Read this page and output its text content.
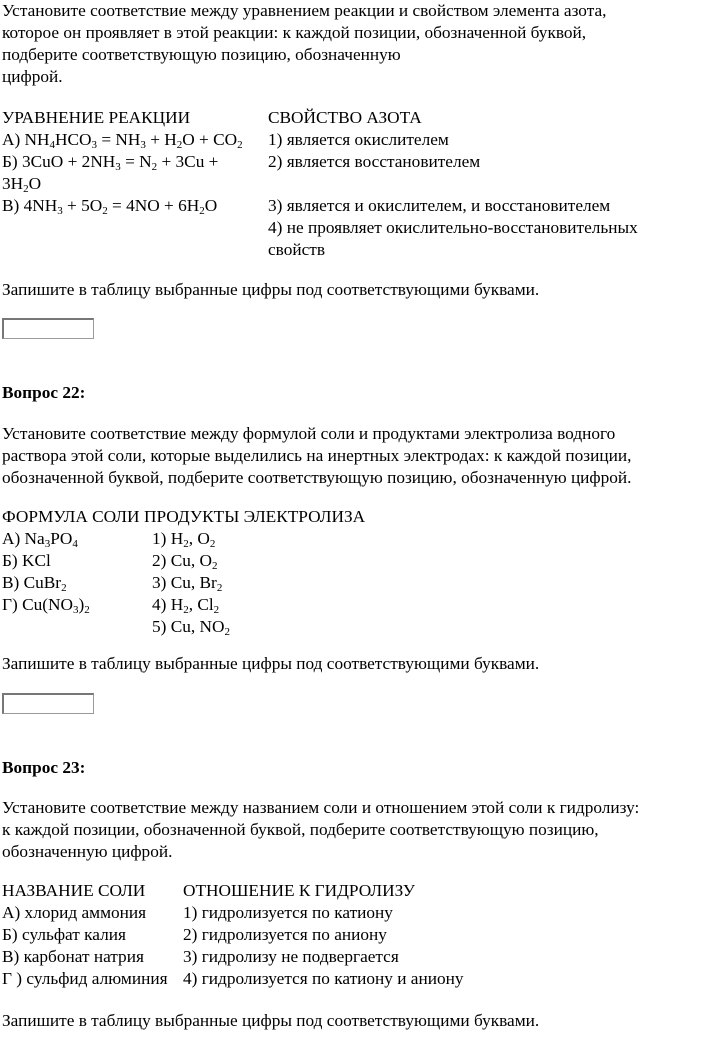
Установите соответствие между уравнением реакции и свойством элемента азота,
которое он проявляет в этой реакции: к каждой позиции, обозначенной буквой,
подберите соответствующую позицию, обозначенную
цифрой.
УРАВНЕНИЕ РЕАКЦИИ	СВОЙСТВО АЗОТА
А) $NH_4HCO_3 = NH_3 + H_2O + CO_2$
Б) $3CuO + 2NH_3 = N_2 + 3Cu$ +
$3H_2O$
В) $4NH_3 + 5O_2 = 4NO + 6H_2O$
1) является окислителем
2) является восстановителем
3) является и окислителем, и восстановителем
4) не проявляет окислительно-восстановительных
свойств
Запишите в таблицу выбранные цифры под соответствующими буквами.
Вопрос 22:
Установите соответствие между формулой соли и продуктами электролиза водного
раствора этой соли, которые выделились на инертных электродах: к каждой позиции,
обозначенной буквой, подберите соответствующую позицию, обозначенную цифрой.
ФОРМУЛА СОЛИ ПРОДУКТЫ ЭЛЕКТРОЛИЗА
А) $Na_3PO_4$
Б) KCl
В) CuBr$_2$
Г) $Cu(NO_3)_2$
1) $H_2$, $O_2$
2) Cu, $O_2$
3) Cu, $Br_2$
4) $H_2$, $Cl_2$
5) Cu, $NO_2$
Запишите в таблицу выбранные цифры под соответствующими буквами.
Вопрос 23:
Установите соответствие между названием соли и отношением этой соли к гидролизу:
к каждой позиции, обозначенной буквой, подберите соответствующую позицию,
обозначенную цифрой.
НАЗВАНИЕ СОЛИ ОТНОШЕНИЕ К ГИДРОЛИЗУ
А) хлорид аммония
Б) сульфат калия
В) карбонат натрия
Г ) сульфид алюминия
1) гидролизуется по катиону
2) гидролизуется по аниону
3) гидролизу не подвергается
4) гидролизуется по катиону и аниону
Запишите в таблицу выбранные цифры под соответствующими буквами.
